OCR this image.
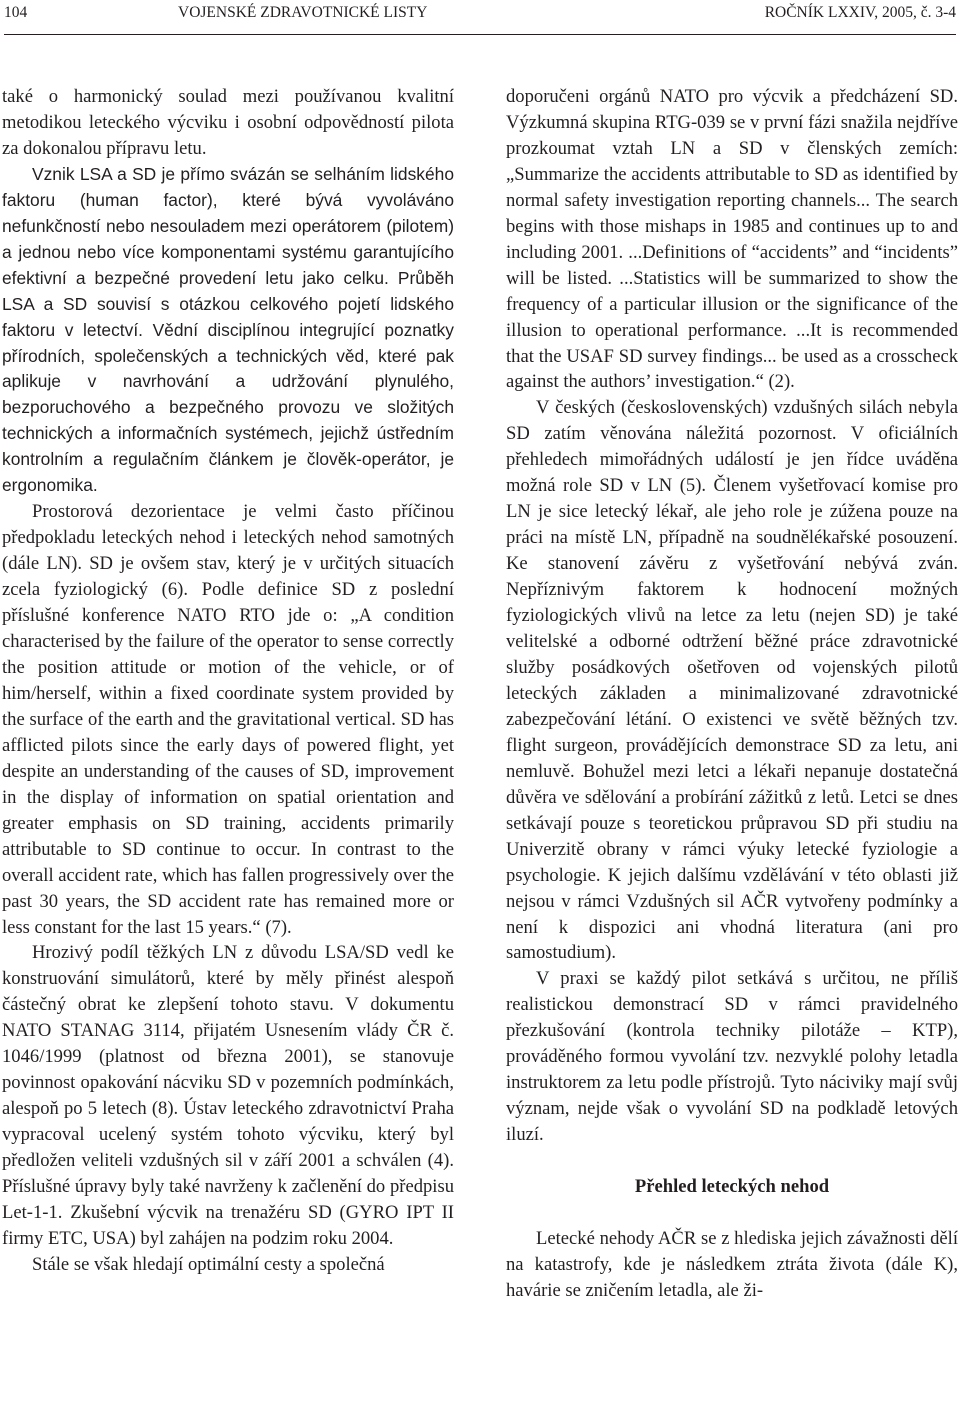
104	VOJENSKÉ ZDRAVOTNICKÉ LISTY	ROČNÍK LXXIV, 2005, č. 3-4

také o harmonický soulad mezi používanou kvalitní metodikou leteckého výcviku i osobní odpovědností pilota za dokonalou přípravu letu.

Vznik LSA a SD je přímo svázán se selháním lidského faktoru (human factor), které bývá vyvoláváno nefunkčností nebo nesouladem mezi operátorem (pilotem) a jednou nebo více komponentami systému garantujícího efektivní a bezpečné provedení letu jako celku. Průběh LSA a SD souvisí s otázkou celkového pojetí lidského faktoru v letectví. Vědní disciplínou integrující poznatky přírodních, společenských a technických věd, které pak aplikuje v navrhování a udržování plynulého, bezporuchového a bezpečného provozu ve složitých technických a informačních systémech, jejichž ústředním kontrolním a regulačním článkem je člověk-operátor, je ergonomika.

Prostorová dezorientace je velmi často příčinou předpokladu leteckých nehod i leteckých nehod samotných (dále LN). SD je ovšem stav, který je v určitých situacích zcela fyziologický (6). Podle definice SD z poslední příslušné konference NATO RTO jde o: „A condition characterised by the failure of the operator to sense correctly the position attitude or motion of the vehicle, or of him/herself, within a fixed coordinate system provided by the surface of the earth and the gravitational vertical. SD has afflicted pilots since the early days of powered flight, yet despite an understanding of the causes of SD, improvement in the display of information on spatial orientation and greater emphasis on SD training, accidents primarily attributable to SD continue to occur. In contrast to the overall accident rate, which has fallen progressively over the past 30 years, the SD accident rate has remained more or less constant for the last 15 years.“ (7).

Hrozivý podíl těžkých LN z důvodu LSA/SD vedl ke konstruování simulátorů, které by měly přinést alespoň částečný obrat ke zlepšení tohoto stavu. V dokumentu NATO STANAG 3114, přijatém Usnesením vlády ČR č. 1046/1999 (platnost od března 2001), se stanovuje povinnost opakování nácviku SD v pozemních podmínkách, alespoň po 5 letech (8). Ústav leteckého zdravotnictví Praha vypracoval ucelený systém tohoto výcviku, který byl předložen veliteli vzdušných sil v září 2001 a schválen (4). Příslušné úpravy byly také navrženy k začlenění do předpisu Let-1-1. Zkušební výcvik na trenažéru SD (GYRO IPT II firmy ETC, USA) byl zahájen na podzim roku 2004.

Stále se však hledají optimální cesty a společná

doporučeni orgánů NATO pro výcvik a předcházení SD. Výzkumná skupina RTG-039 se v první fázi snažila nejdříve prozkoumat vztah LN a SD v členských zemích: „Summarize the accidents attributable to SD as identified by normal safety investigation reporting channels... The search begins with those mishaps in 1985 and continues up to and including 2001. ...Definitions of “accidents” and “incidents” will be listed. ...Statistics will be summarized to show the frequency of a particular illusion or the significance of the illusion to operational performance. ...It is recommended that the USAF SD survey findings... be used as a crosscheck against the authors’ investigation.“ (2).

V českých (československých) vzdušných silách nebyla SD zatím věnována náležitá pozornost. V oficiálních přehledech mimořádných událostí je jen řídce uváděna možná role SD v LN (5). Členem vyšetřovací komise pro LN je sice letecký lékař, ale jeho role je zúžena pouze na práci na místě LN, případně na soudnělékařské posouzení. Ke stanovení závěru z vyšetřování nebývá zván. Nepříznivým faktorem k hodnocení možných fyziologických vlivů na letce za letu (nejen SD) je také velitelské a odborné odtržení běžné práce zdravotnické služby posádkových ošetřoven od vojenských pilotů leteckých základen a minimalizované zdravotnické zabezpečování létání. O existenci ve světě běžných tzv. flight surgeon, provádějících demonstrace SD za letu, ani nemluvě. Bohužel mezi letci a lékaři nepanuje dostatečná důvěra ve sdělování a probírání zážitků z letů. Letci se dnes setkávají pouze s teoretickou průpravou SD při studiu na Univerzitě obrany v rámci výuky letecké fyziologie a psychologie. K jejich dalšímu vzdělávání v této oblasti již nejsou v rámci Vzdušných sil AČR vytvořeny podmínky a není k dispozici ani vhodná literatura (ani pro samostudium).

V praxi se každý pilot setkává s určitou, ne příliš realistickou demonstrací SD v rámci pravidelného přezkušování (kontrola techniky pilotáže – KTP), prováděného formou vyvolání tzv. nezvyklé polohy letadla instruktorem za letu podle přístrojů. Tyto náciviky mají svůj význam, nejde však o vyvolání SD na podkladě letových iluzí.

Přehled leteckých nehod

Letecké nehody AČR se z hlediska jejich závažnosti dělí na katastrofy, kde je následkem ztráta života (dále K), havárie se zničením letadla, ale ži-
